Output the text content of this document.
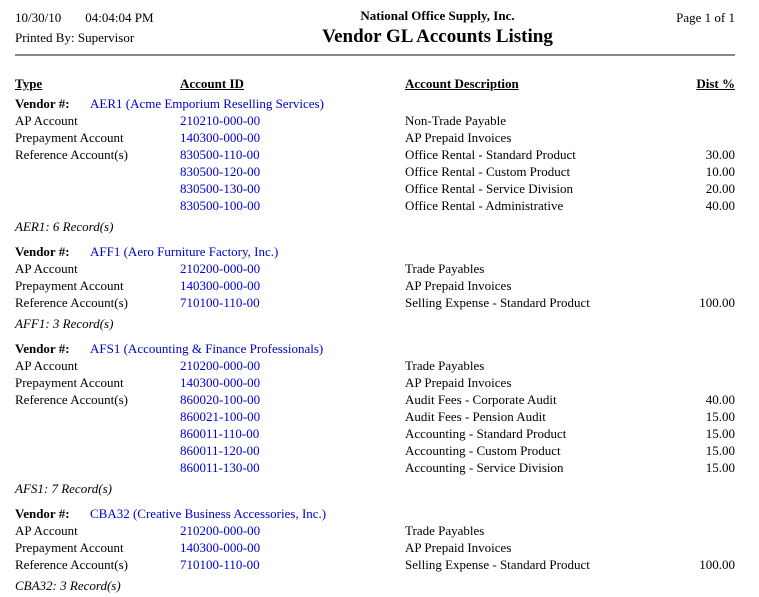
10/30/10 04:04:04 PM
Printed By: Supervisor
National Office Supply, Inc.
Vendor GL Accounts Listing
Page 1 of 1
Type	Account ID	Account Description	Dist %
Vendor #:	AER1 (Acme Emporium Reselling Services)
AP Account	210210-000-00	Non-Trade Payable
Prepayment Account	140300-000-00	AP Prepaid Invoices
Reference Account(s)	830500-110-00	Office Rental - Standard Product	30.00
830500-120-00	Office Rental - Custom Product	10.00
830500-130-00	Office Rental - Service Division	20.00
830500-100-00	Office Rental - Administrative	40.00
AER1: 6 Record(s)
Vendor #:	AFF1 (Aero Furniture Factory, Inc.)
AP Account	210200-000-00	Trade Payables
Prepayment Account	140300-000-00	AP Prepaid Invoices
Reference Account(s)	710100-110-00	Selling Expense - Standard Product	100.00
AFF1: 3 Record(s)
Vendor #:	AFS1 (Accounting & Finance Professionals)
AP Account	210200-000-00	Trade Payables
Prepayment Account	140300-000-00	AP Prepaid Invoices
Reference Account(s)	860020-100-00	Audit Fees - Corporate Audit	40.00
860021-100-00	Audit Fees - Pension Audit	15.00
860011-110-00	Accounting - Standard Product	15.00
860011-120-00	Accounting - Custom Product	15.00
860011-130-00	Accounting - Service Division	15.00
AFS1: 7 Record(s)
Vendor #:	CBA32 (Creative Business Accessories, Inc.)
AP Account	210200-000-00	Trade Payables
Prepayment Account	140300-000-00	AP Prepaid Invoices
Reference Account(s)	710100-110-00	Selling Expense - Standard Product	100.00
CBA32: 3 Record(s)
